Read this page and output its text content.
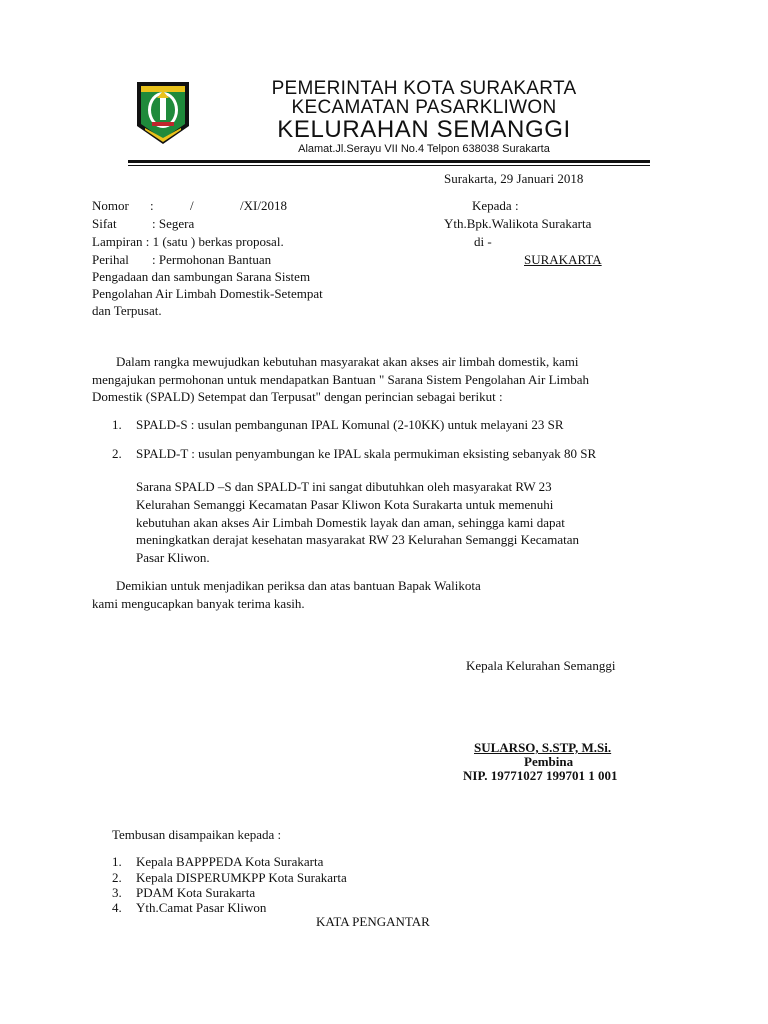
PEMERINTAH KOTA SURAKARTA
KECAMATAN PASARKLIWON
KELURAHAN SEMANGGI
Alamat.Jl.Serayu VII No.4 Telpon 638038 Surakarta
Surakarta, 29 Januari 2018
Nomor :	/	/XI/2018
Sifat	: Segera
Lampiran : 1 (satu ) berkas proposal.
Perihal : Permohonan Bantuan
Pengadaan dan sambungan Sarana Sistem
Pengolahan Air Limbah Domestik-Setempat
dan Terpusat.
Kepada :
Yth.Bpk.Walikota Surakarta
di -
SURAKARTA
Dalam rangka mewujudkan kebutuhan masyarakat akan akses air limbah domestik, kami
mengajukan permohonan untuk mendapatkan Bantuan " Sarana Sistem Pengolahan Air Limbah
Domestik (SPALD) Setempat dan Terpusat" dengan perincian sebagai berikut :
1. SPALD-S : usulan pembangunan IPAL Komunal (2-10KK) untuk melayani 23 SR
2. SPALD-T : usulan penyambungan ke IPAL skala permukiman eksisting sebanyak 80 SR
Sarana SPALD –S dan SPALD-T ini sangat dibutuhkan oleh masyarakat RW 23
Kelurahan Semanggi Kecamatan Pasar Kliwon Kota Surakarta untuk memenuhi
kebutuhan akan akses Air Limbah Domestik layak dan aman, sehingga kami dapat
meningkatkan derajat kesehatan masyarakat RW 23 Kelurahan Semanggi Kecamatan
Pasar Kliwon.
Demikian untuk menjadikan periksa dan atas bantuan Bapak Walikota
kami mengucapkan banyak terima kasih.
Kepala Kelurahan Semanggi
SULARSO, S.STP, M.Si.
Pembina
NIP. 19771027 199701 1 001
Tembusan disampaikan kepada :
1. Kepala BAPPPEDA Kota Surakarta
2. Kepala DISPERUMKPP Kota Surakarta
3. PDAM Kota Surakarta
4. Yth.Camat Pasar Kliwon
KATA PENGANTAR
